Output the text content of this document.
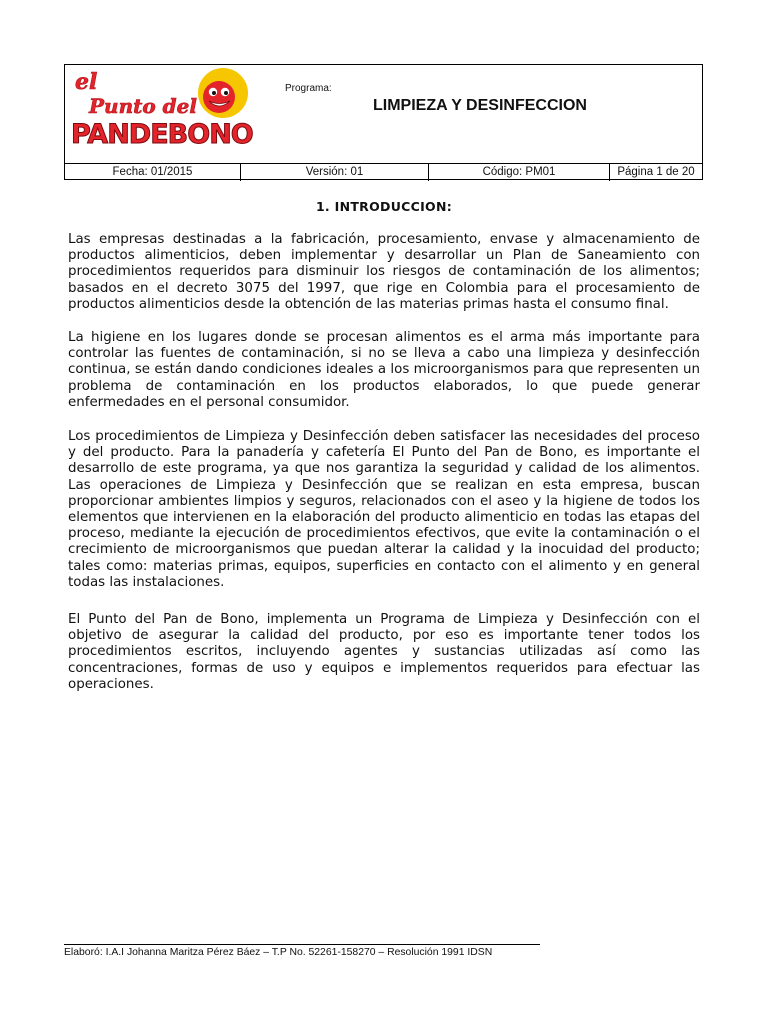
el
Punto del
PANDEBONO
Programa:
LIMPIEZA Y DESINFECCION
Fecha: 01/2015	Versión: 01	Código: PM01	Página 1 de 20
1. INTRODUCCION:

Las empresas destinadas a la fabricación, procesamiento, envase y almacenamiento de productos alimenticios, deben implementar y desarrollar un Plan de Saneamiento con procedimientos requeridos para disminuir los riesgos de contaminación de los alimentos; basados en el decreto 3075 del 1997, que rige en Colombia para el procesamiento de productos alimenticios desde la obtención de las materias primas hasta el consumo final.

La higiene en los lugares donde se procesan alimentos es el arma más importante para controlar las fuentes de contaminación, si no se lleva a cabo una limpieza y desinfección continua, se están dando condiciones ideales a los microorganismos para que representen un problema de contaminación en los productos elaborados, lo que puede generar enfermedades en el personal consumidor.

Los procedimientos de Limpieza y Desinfección deben satisfacer las necesidades del proceso y del producto. Para la panadería y cafetería El Punto del Pan de Bono, es importante el desarrollo de este programa, ya que nos garantiza la seguridad y calidad de los alimentos. Las operaciones de Limpieza y Desinfección que se realizan en esta empresa, buscan proporcionar ambientes limpios y seguros, relacionados con el aseo y la higiene de todos los elementos que intervienen en la elaboración del producto alimenticio en todas las etapas del proceso, mediante la ejecución de procedimientos efectivos, que evite la contaminación o el crecimiento de microorganismos que puedan alterar la calidad y la inocuidad del producto; tales como: materias primas, equipos, superficies en contacto con el alimento y en general todas las instalaciones.

El Punto del Pan de Bono, implementa un Programa de Limpieza y Desinfección con el objetivo de asegurar la calidad del producto, por eso es importante tener todos los procedimientos escritos, incluyendo agentes y sustancias utilizadas así como las concentraciones, formas de uso y equipos e implementos requeridos para efectuar las operaciones.

Elaboró: I.A.I Johanna Maritza Pérez Báez – T.P No. 52261-158270 – Resolución 1991 IDSN
